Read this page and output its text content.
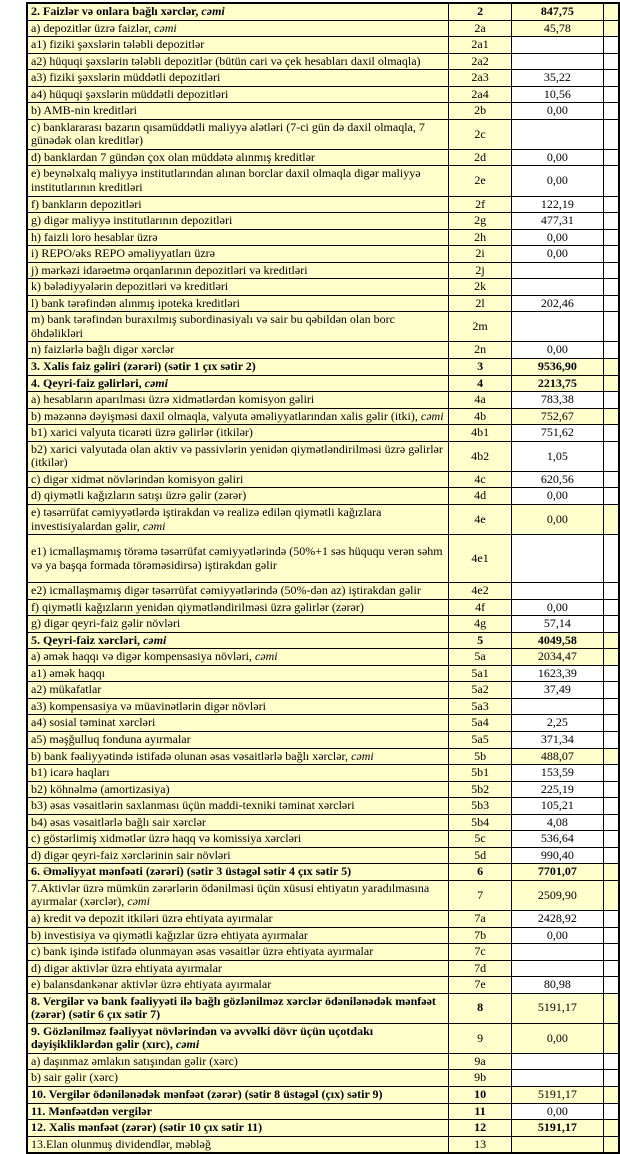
2. Faizlər və onlara bağlı xərclər, cəmi	2	847,75	
a) depozitlər üzrə faizlər, cəmi	2a	45,78	
a1) fiziki şəxslərin tələbli depozitlər	2a1		
a2) hüquqi şəxslərin tələbli depozitlər (bütün cari və çek hesabları daxil olmaqla)	2a2		
a3) fiziki şəxslərin müddətli depozitləri	2a3	35,22	
a4) hüquqi şəxslərin müddətli depozitləri	2a4	10,56	
b) AMB-nin kreditləri	2b	0,00	
c) banklararası bazarın qısamüddətli maliyyə alətləri (7-ci gün də daxil olmaqla, 7 günədək olan kreditlər)	2c		
d) banklardan 7 gündən çox olan müddətə alınmış kreditlər	2d	0,00	
e) beynəlxalq maliyyə institutlarından alınan borclar daxil olmaqla digər maliyyə institutlarının kreditləri	2e	0,00	
f) bankların depozitləri	2f	122,19	
g) digər maliyyə institutlarının depozitləri	2g	477,31	
h) faizli loro hesablar üzrə	2h	0,00	
i) REPO/əks REPO əməliyyatları üzrə	2i	0,00	
j) mərkəzi idarəetmə orqanlarının depozitləri və kreditləri	2j		
k) bələdiyyələrin depozitləri və kreditləri	2k		
l) bank tərəfindən alınmış ipoteka kreditləri	2l	202,46	
m) bank tərəfindən buraxılmış subordinasiyalı və sair bu qəbildən olan borc öhdəlikləri	2m		
n) faizlərlə bağlı digər xərclər	2n	0,00	
3. Xalis faiz gəliri (zərəri) (sətir 1 çıx sətir 2)	3	9536,90	
4. Qeyri-faiz gəlirləri, cəmi	4	2213,75	
a) hesabların aparılması üzrə xidmətlərdən komisyon gəliri	4a	783,38	
b) məzənnə dəyişməsi daxil olmaqla, valyuta əməliyyatlarından xalis gəlir (itki), cəmi	4b	752,67	
b1) xarici valyuta ticarəti üzrə gəlirlər (itkilər)	4b1	751,62	
b2) xarici valyutada olan aktiv və passivlərin yenidən qiymətləndirilməsi üzrə gəlirlər (itkilər)	4b2	1,05	
c) digər xidmət növlərindən komisyon gəliri	4c	620,56	
d) qiymətli kağızların satışı üzrə gəlir (zərər)	4d	0,00	
e) təsərrüfat cəmiyyətlərdə iştirakdan və realizə edilən qiymətli kağızlara investisiyalardan gəlir, cəmi	4e	0,00	
e1) icmallaşmamış törəmə təsərrüfat cəmiyyətlərində (50%+1 səs hüququ verən səhm və ya başqa formada törəməsidirsə) iştirakdan gəlir	4e1		
e2) icmallaşmamış digər təsərrüfat cəmiyyətlərində (50%-dən az) iştirakdan gəlir	4e2		
f) qiymətli kağızların yenidən qiymətləndirilməsi üzrə gəlirlər (zərər)	4f	0,00	
g) digər qeyri-faiz gəlir növləri	4g	57,14	
5. Qeyri-faiz xərcləri, cəmi	5	4049,58	
a) əmək haqqı və digər kompensasiya növləri, cəmi	5a	2034,47	
a1) əmək haqqı	5a1	1623,39	
a2) mükafatlar	5a2	37,49	
a3) kompensasiya və müavinətlərin digər növləri	5a3		
a4) sosial təminat xərcləri	5a4	2,25	
a5) məşğulluq fonduna ayırmalar	5a5	371,34	
b) bank fəaliyyətində istifadə olunan əsas vəsaitlərlə bağlı xərclər, cəmi	5b	488,07	
b1) icarə haqları	5b1	153,59	
b2) köhnəlmə (amortizasiya)	5b2	225,19	
b3) əsas vəsaitlərin saxlanması üçün maddi-texniki təminat xərcləri	5b3	105,21	
b4) əsas vəsaitlərlə bağlı sair xərclər	5b4	4,08	
c) göstərlimiş xidmətlər üzrə haqq və komissiya xərcləri	5c	536,64	
d) digər qeyri-faiz xərclərinin sair növləri	5d	990,40	
6. Əməliyyat mənfəəti (zərəri) (sətir 3 üstəgəl sətir 4 çıx sətir 5)	6	7701,07	
7.Aktivlər üzrə mümkün zərərlərin ödənilməsi üçün xüsusi ehtiyatın yaradılmasına ayırmalar (xərclər), cəmi	7	2509,90	
a) kredit və depozit itkiləri üzrə ehtiyata ayırmalar	7a	2428,92	
b) investisiya və qiymətli kağızlar üzrə ehtiyata ayırmalar	7b	0,00	
c) bank işində istifadə olunmayan əsas vəsaitlər üzrə ehtiyata ayırmalar	7c		
d) digər aktivlər üzrə ehtiyata ayırmalar	7d		
e) balansdankənar aktivlər üzrə ehtiyata ayırmalar	7e	80,98	
8. Vergilər və bank fəaliyyəti ilə bağlı gözlənilməz xərclər ödənilənədək mənfəət (zərər) (sətir 6 çıx sətir 7)	8	5191,17	
9. Gözlənilməz fəaliyyət növlərindən və əvvəlki dövr üçün uçotdakı dəyişikliklərdən gəlir (xırc), cəmi	9	0,00	
a) daşınmaz əmlakın satışından gəlir (xərc)	9a		
b) sair gəlir (xərc)	9b		
10. Vergilər ödənilənədək mənfəət (zərər) (sətir 8 üstəgəl (çıx) sətir 9)	10	5191,17	
11. Mənfəətdən vergilər	11	0,00	
12. Xalis mənfəət (zərər) (sətir 10 çıx sətir 11)	12	5191,17	
13.Elan olunmuş dividendlər, məbləğ	13		
